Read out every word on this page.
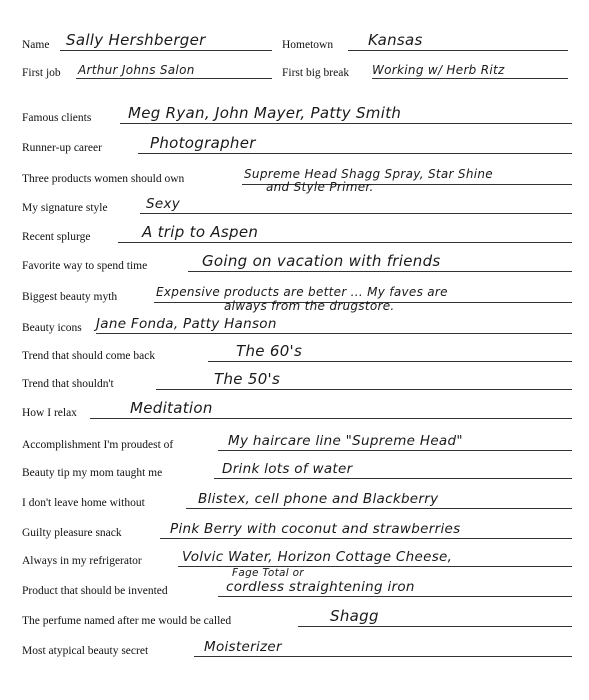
Name Sally Hershberger	Hometown Kansas
First job Arthur Johns Salon	First big break Working w/ Herb Ritz
Famous clients Meg Ryan, John Mayer, Patty Smith
Runner-up career	Photographer
Three products women should own	Supreme Head Shagg Spray, Star Shine
and Style Primer.
My signature style	Sexy
Recent splurge	A trip to Aspen
Favorite way to spend time	Going on vacation with friends
Biggest beauty myth	Expensive products are better ... My faves are
always from the drugstore.
Beauty icons Jane Fonda, Patty Hanson
Trend that should come back	The 60's
Trend that shouldn't	The 50's
How I relax	Meditation
Accomplishment I'm proudest of	My haircare line "Supreme Head"
Beauty tip my mom taught me	Drink lots of water
I don't leave home without	Blistex, cell phone and Blackberry
Guilty pleasure snack	Pink Berry with coconut and strawberries
Always in my refrigerator	Volvic Water, Horizon Cottage Cheese,
Fage Total or
Product that should be invented	cordless straightening iron
The perfume named after me would be called	Shagg
Most atypical beauty secret	Moisterizer
